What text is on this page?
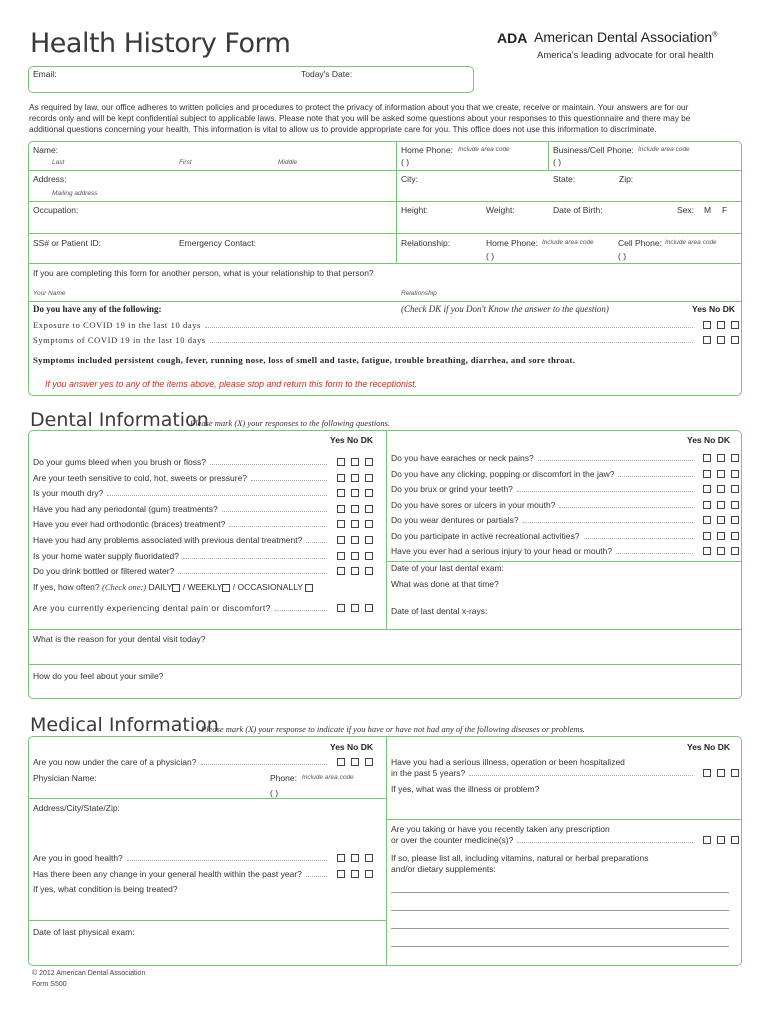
Health History Form	ADA American Dental Association®
America's leading advocate for oral health
Email:	Today's Date:
As required by law, our office adheres to written policies and procedures to protect the privacy of information about you that we create, receive or maintain. Your answers are for our
records only and will be kept confidential subject to applicable laws. Please note that you will be asked some questions about your responses to this questionnaire and there may be
additional questions concerning your health. This information is vital to allow us to provide appropriate care for you. This office does not use this information to discriminate.
Name:
Last	First	Middle
Home Phone: Include area code
( )
Business/Cell Phone: Include area code
( )
Address:
Mailing address
City:	State:	Zip:
Occupation:	Height:	Weight:	Date of Birth:	Sex: M F
SS# or Patient ID:	Emergency Contact:	Relationship:	Home Phone: Include area code
( )
Cell Phone: Include area code
( )
If you are completing this form for another person, what is your relationship to that person?
Your Name	Relationship
Do you have any of the following:	(Check DK if you Don't Know the answer to the question)	Yes No DK
Exposure to COVID 19 in the last 10 days
Symptoms of COVID 19 in the last 10 days
Symptoms included persistent cough, fever, running nose, loss of smell and taste, fatigue, trouble breathing, diarrhea, and sore throat.
If you answer yes to any of the items above, please stop and return this form to the receptionist.
Dental Information
Please mark (X) your responses to the following questions.
Yes No DK	Yes No DK
Do your gums bleed when you brush or floss?
Are your teeth sensitive to cold, hot, sweets or pressure?
Is your mouth dry?
Have you had any periodontal (gum) treatments?
Have you ever had orthodontic (braces) treatment?
Have you had any problems associated with previous dental treatment?
Is your home water supply fluoridated?
Do you drink bottled or filtered water?
Do you have earaches or neck pains?
Do you have any clicking, popping or discomfort in the jaw?
Do you brux or grind your teeth?
Do you have sores or ulcers in your mouth?
Do you wear dentures or partials?
Do you participate in active recreational activities?
Have you ever had a serious injury to your head or mouth?
If yes, how often? (Check one:) DAILY / WEEKLY / OCCASIONALLY
Are you currently experiencing dental pain or discomfort?
Date of your last dental exam:
What was done at that time?
Date of last dental x-rays:
What is the reason for your dental visit today?
How do you feel about your smile?
Medical Information
Please mark (X) your response to indicate if you have or have not had any of the following diseases or problems.
Yes No DK	Yes No DK
Are you now under the care of a physician?
Physician Name:	Phone: Include area code
( )
Address/City/State/Zip:
Are you in good health?
Has there been any change in your general health within the past year?
If yes, what condition is being treated?
Date of last physical exam:
Have you had a serious illness, operation or been hospitalized
in the past 5 years?
If yes, what was the illness or problem?
Are you taking or have you recently taken any prescription
or over the counter medicine(s)?
If so, please list all, including vitamins, natural or herbal preparations
and/or dietary supplements:
© 2012 American Dental Association
Form S500
